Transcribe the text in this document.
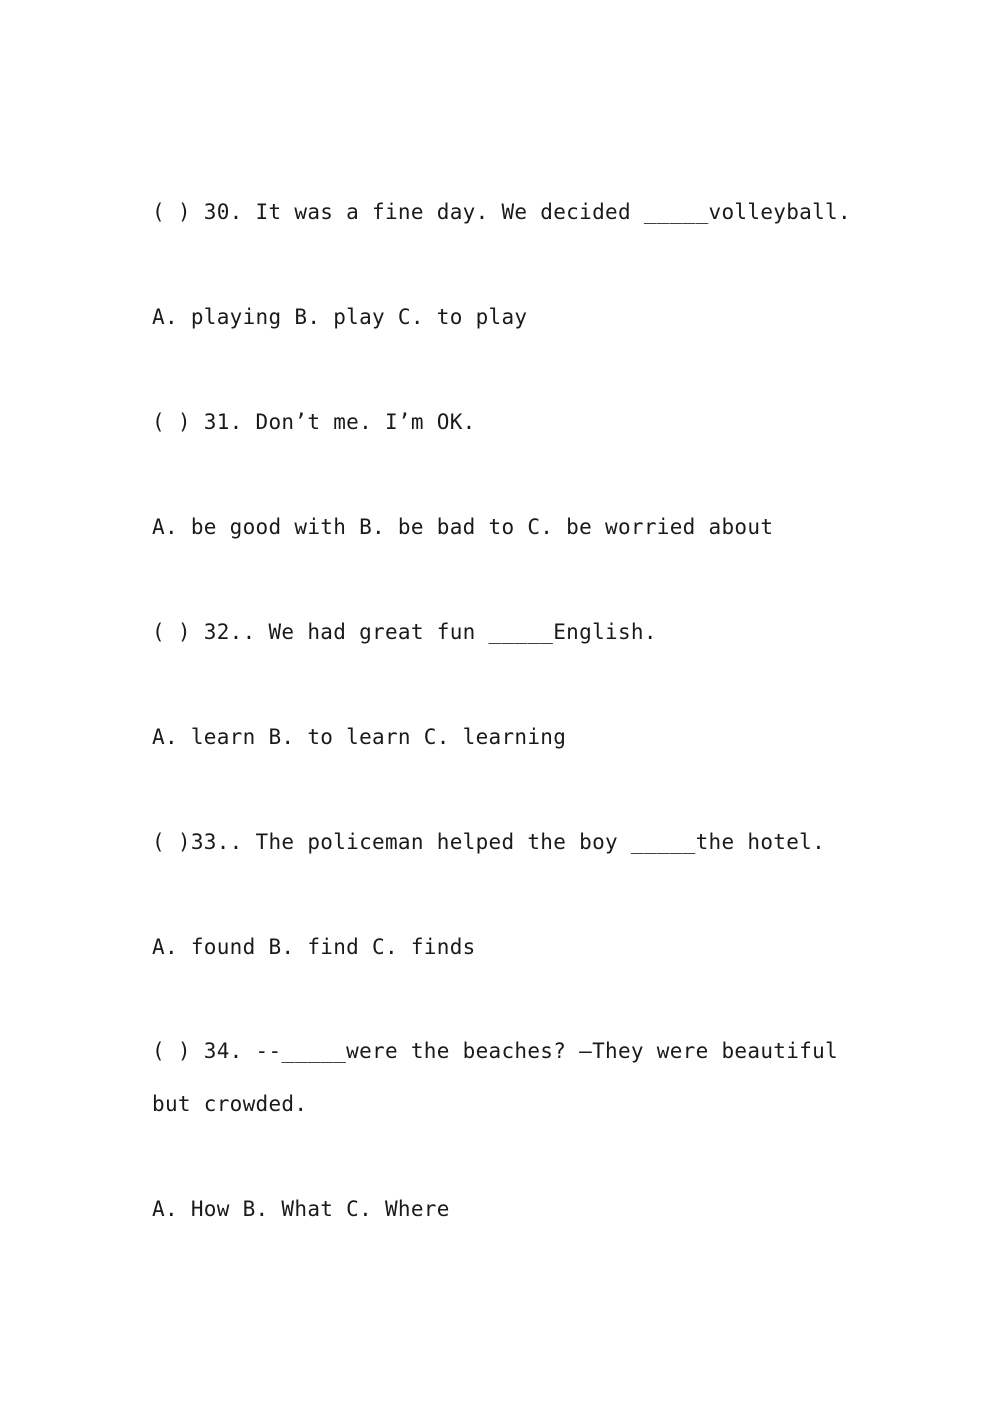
( ) 30. It was a fine day. We decided _____volleyball.
A. playing B. play C. to play
( ) 31. Don’t me. I’m OK.
A. be good with B. be bad to C. be worried about
( ) 32.. We had great fun _____English.
A. learn B. to learn C. learning
( )33.. The policeman helped the boy _____the hotel.
A. found B. find C. finds
( ) 34. --_____were the beaches? –They were beautiful but crowded.
A. How B. What C. Where
